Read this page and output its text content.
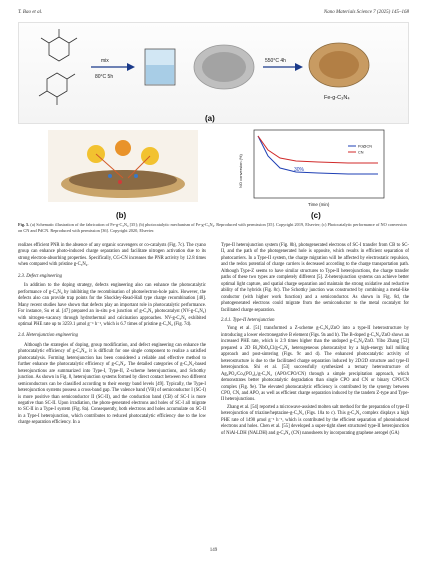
T. Bao et al.	Nano Materials Science 7 (2025) 145–168
mix
80°C 5h
550°C 4h
Fe-g-C₃N₄
(a)
(b)
NO conversion (%)
Time (min)
30%
Pd@CN
CN
(c)
Fig. 5. (a) Schematic illustration of the fabrication of Fe-g-C₃N₄ [35]; (b) photocatalytic mechanism of Fe-g-C₃N₄. Reproduced with permission [35]. Copyright 2019, Elsevier; (c) Photocatalytic performance of NO conversion on CN and PdCN. Reproduced with permission [36]. Copyright 2020, Elsevier.

realizes efficient PNR in the absence of any organic scavengers or co-catalysts (Fig. 7c). The cyano group can enhance photo-induced charge separation and facilitate nitrogen activation due to its strong electron-absorbing properties. Specifically, CG-CN increases the PNR activity by 12.8 times when compared with pristine g-C₃N₄.

2.3. Defect engineering

In addition to the doping strategy, defects engineering also can enhance the photocatalytic performance of g-C₃N₄ by inhibiting the recombination of photoelectron-hole pairs. However, the defects also can provide trap points for the Shockley-Read-Hall type charge recombination [48]. Many recent studies have shown that defects play an important role in photocatalytic performance. For instance, Su et al. [47] prepared an in-situ p-n junction of g-C₃N₄ photocatalyst (NV-g-C₃N₄) with nitrogen-vacancy through hydrothermal and calcination approaches. NV-g-C₃N₄ exhibited optimal PHE rate up to 3259.1 μmol g⁻¹ h⁻¹, which is 6.7 times of pristine g-C₃N₄ (Fig. 7d).

2.4. Heterojunction engineering

Although the strategies of doping, group modification, and defect engineering can enhance the photocatalytic efficiency of g-C₃N₄, it is difficult for one single component to realize a satisfied photocatalysis. Forming heterojunction has been considered a reliable and effective method to further enhance the photocatalytic efficiency of g-C₃N₄. The detailed categories of g-C₃N₄-based heterojunctions are summarized into Type-I, Type-II, Z-scheme heterojunctions, and Schottky junction. As shown in Fig. 8, heterojunction systems formed by direct contact between two different semiconductors can be classified according to their energy band levels [49]. Typically, the Type-I heterojunction systems possess a cross-band gap. The valence band (VB) of semiconductor I (SC-I) is more positive than semiconductor II (SC-II), and the conduction band (CB) of SC-I is more negative than SC-II. Upon irradiation, the photo-generated electrons and holes of SC-I all migrate to SC-II in a Type-I system (Fig. 8a). Consequently, both electrons and holes accumulate on SC-II in a Type-I heterojunction, which contributes to reduced photocatalytic efficiency due to the low charge separation efficiency. In a

Type-II heterojunction system (Fig. 8b), photogenerated electrons of SC-I transfer from CB to SC-II, and the path of the photogenerated hole is opposite, which results in efficient separation of photocarriers. In a Type-II system, the charge migration will be affected by electrostatic repulsion, and the redox potential of charge carriers is decreased according to the charge transportation path. Although Type-Z seems to have similar structures to Type-II heterojunctions, the charge transfer paths of these two types are completely different [5]. Z-heterojunction systems can achieve better optimal light capture, and spatial charge separation and maintain the strong oxidative and reductive ability of the hybrids (Fig. 8c). The Schottky junction was constructed by combining a metal-like conductor (with higher work function) and a semiconductor. As shown in Fig. 8d, the photogenerated electrons could migrate from the semiconductor to the metal cocatalyst for facilitated charge separation.

2.4.1. Type-II heterojunction

Yong et al. [51] transformed a Z-scheme g-C₃N₄/ZnO into a type-II heterostructure by introducing a lower electronegative B element (Figs. 9a and b). The B-doped g-C₃N₄/ZnO shows an increased PHE rate, which is 2.9 times higher than the undoped g-C₃N₄/ZnO. Yibo Zhang [52] prepared a 2D Bi₄NbO₈Cl/g-C₃N₄ heterogeneous photocatalyst by a high-energy ball milling approach and post-sintering (Figs. 9c and d). The enhanced photocatalytic activity of heterostructure is due to the facilitated charge separation induced by 2D/2D structure and type-II heterojunction. Shi et al. [53] successfully synthesized a ternary heterostructure of Ag₃PO₄/Co₃(PO₄)₂/g-C₃N₄ (APO/CPO/CN) through a simple precipitation approach, which demonstrates better photocatalytic degradation than single CPO and CN or binary CPO/CN complex (Fig. 9e). The elevated photocatalytic efficiency is contributed by the synergy between CPO, CN, and APO, as well as efficient charge separation induced by the tandem Z-type and Type-II heterojunctions.

Zhang et al. [54] reported a microwave-assisted molten salt method for the preparation of type-II heterojunction of triazine/heptazine-g-C₃N₄ (Figs. 10a to c). This g-C₃N₄ complex displays a high PHE rate of 1490 μmol g⁻¹ h⁻¹, which is contributed by the efficient separation of photoinduced electrons and holes. Chen et al. [55] developed a super-tight sheet structured type-II heterojunction of NiAl-LDH (NALDH) and g-C₃N₄ (CN) nanosheets by incorporating graphene aerogel (GA)

149
